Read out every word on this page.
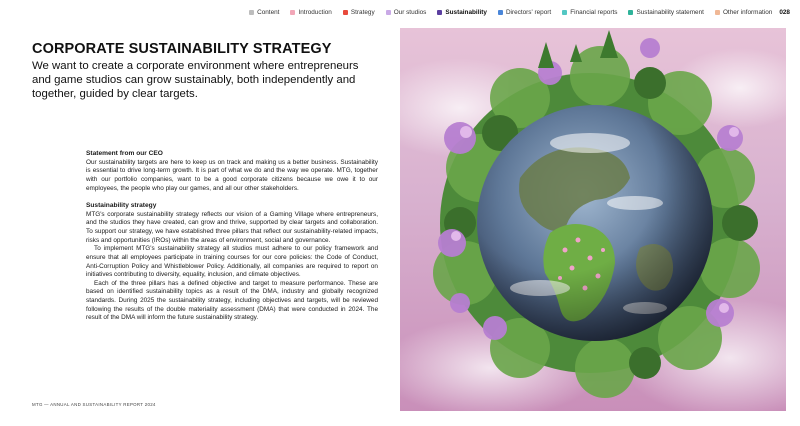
Content	Introduction	Strategy	Our studios	Sustainability	Directors' report	Financial reports	Sustainability statement	Other information 028
CORPORATE SUSTAINABILITY STRATEGY

We want to create a corporate environment where entrepreneurs and game studios can grow sustainably, both independently and together, guided by clear targets.

Statement from our CEO

Our sustainability targets are here to keep us on track and making us a better business. Sustainability is essential to drive long-term growth. It is part of what we do and the way we operate. MTG, together with our portfolio companies, want to be a good corporate citizens because we owe it to our employees, the people who play our games, and all our other stakeholders.

Sustainability strategy

MTG's corporate sustainability strategy reflects our vision of a Gaming Village where entrepreneurs, and the studios they have created, can grow and thrive, supported by clear targets and collaboration. To support our strategy, we have established three pillars that reflect our sustainability-related impacts, risks and opportunities (IROs) within the areas of environment, social and governance.

To implement MTG's sustainability strategy all studios must adhere to our policy framework and ensure that all employees participate in training courses for our core policies: the Code of Conduct, Anti-Corruption Policy and Whistleblower Policy. Additionally, all companies are required to report on initiatives contributing to diversity, equality, inclusion, and climate objectives.

Each of the three pillars has a defined objective and target to measure performance. These are based on identified sustainability topics as a result of the DMA, industry and globally recognized standards. During 2025 the sustainability strategy, including objectives and targets, will be reviewed following the results of the double materiality assessment (DMA) that were conducted in 2024. The result of the DMA will inform the future sustainability strategy.

MTG — ANNUAL AND SUSTAINABILITY REPORT 2024
